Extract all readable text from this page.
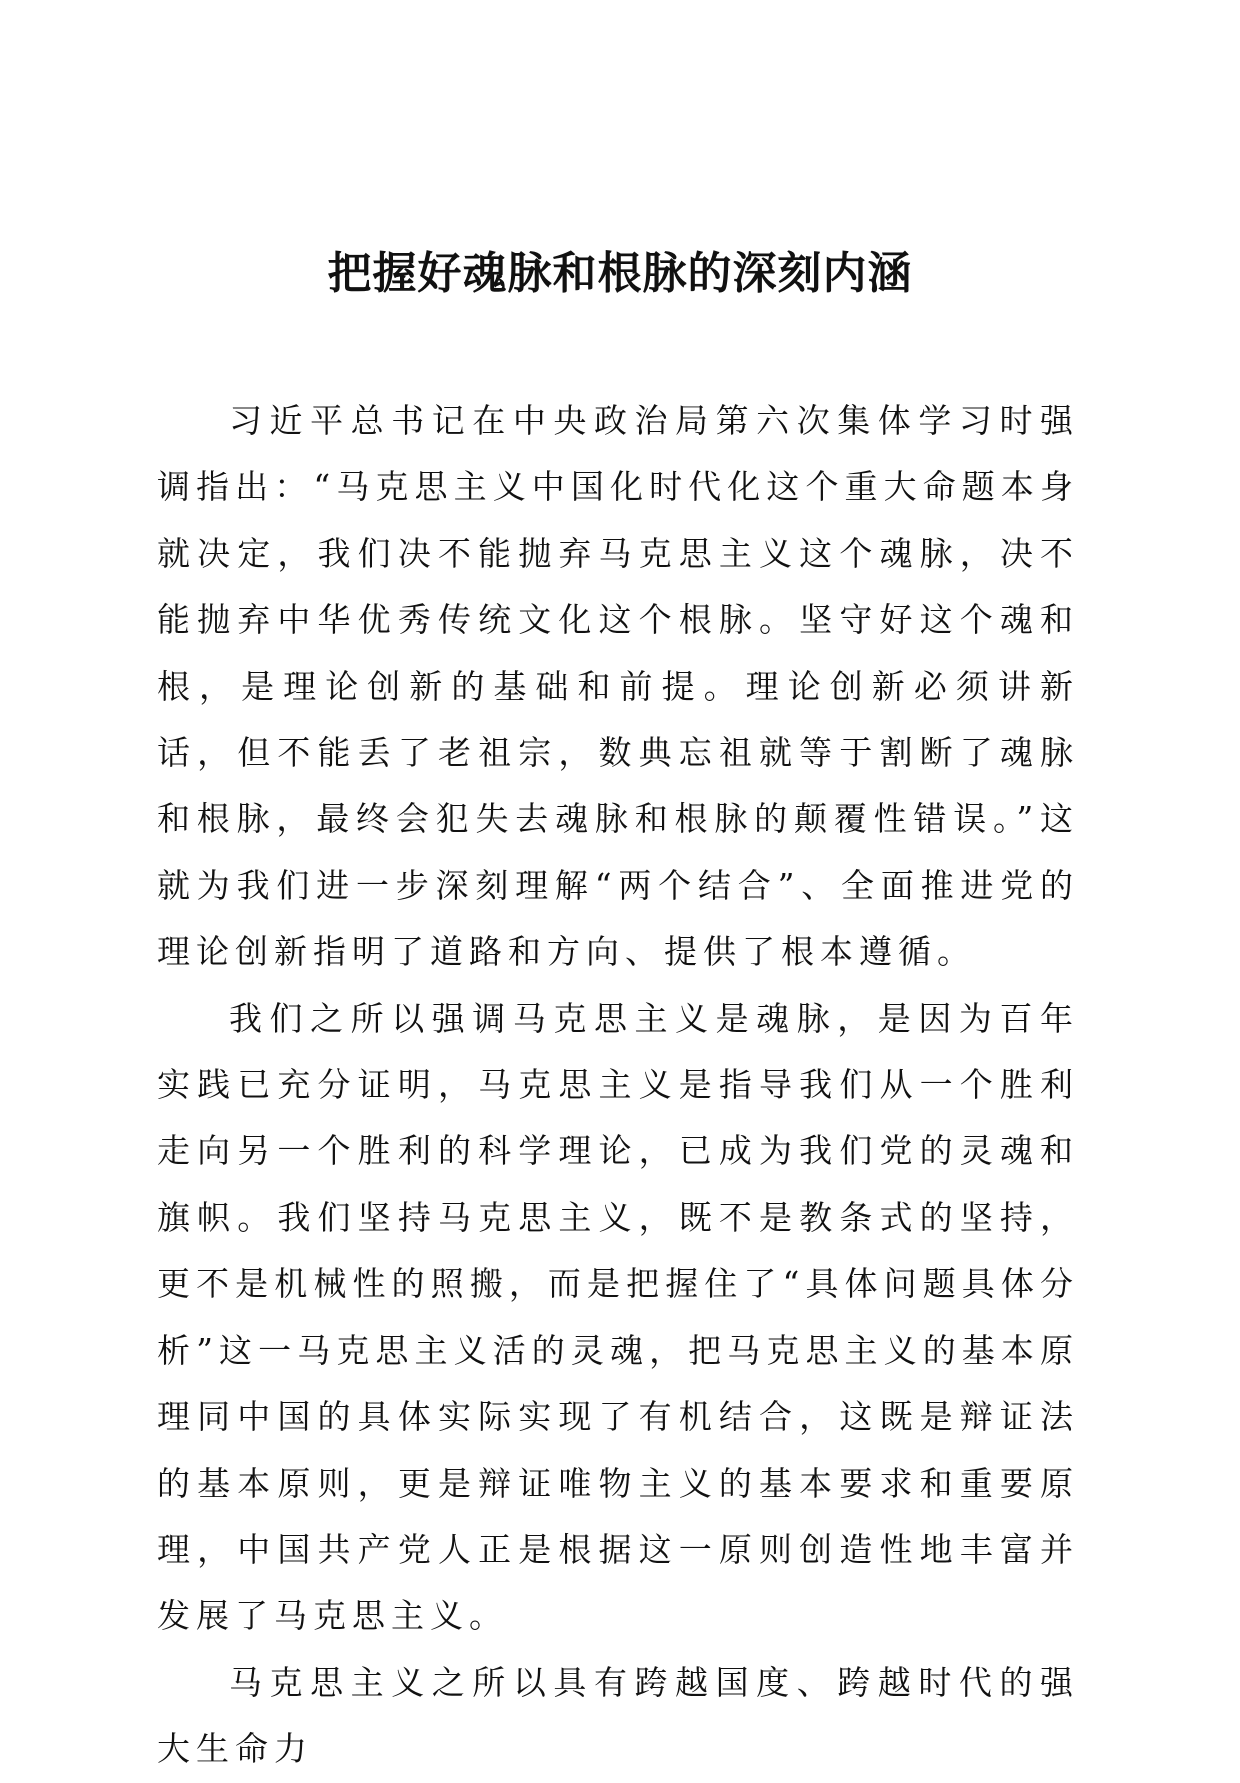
把握好魂脉和根脉的深刻内涵

习近平总书记在中央政治局第六次集体学习时强调指出：“马克思主义中国化时代化这个重大命题本身就决定，我们决不能抛弃马克思主义这个魂脉，决不能抛弃中华优秀传统文化这个根脉。坚守好这个魂和根，是理论创新的基础和前提。理论创新必须讲新话，但不能丢了老祖宗，数典忘祖就等于割断了魂脉和根脉，最终会犯失去魂脉和根脉的颠覆性错误。”这就为我们进一步深刻理解“两个结合”、全面推进党的理论创新指明了道路和方向、提供了根本遵循。

我们之所以强调马克思主义是魂脉，是因为百年实践已充分证明，马克思主义是指导我们从一个胜利走向另一个胜利的科学理论，已成为我们党的灵魂和旗帜。我们坚持马克思主义，既不是教条式的坚持，更不是机械性的照搬，而是把握住了“具体问题具体分析”这一马克思主义活的灵魂，把马克思主义的基本原理同中国的具体实际实现了有机结合，这既是辩证法的基本原则，更是辩证唯物主义的基本要求和重要原理，中国共产党人正是根据这一原则创造性地丰富并发展了马克思主义。

马克思主义之所以具有跨越国度、跨越时代的强大生命力
